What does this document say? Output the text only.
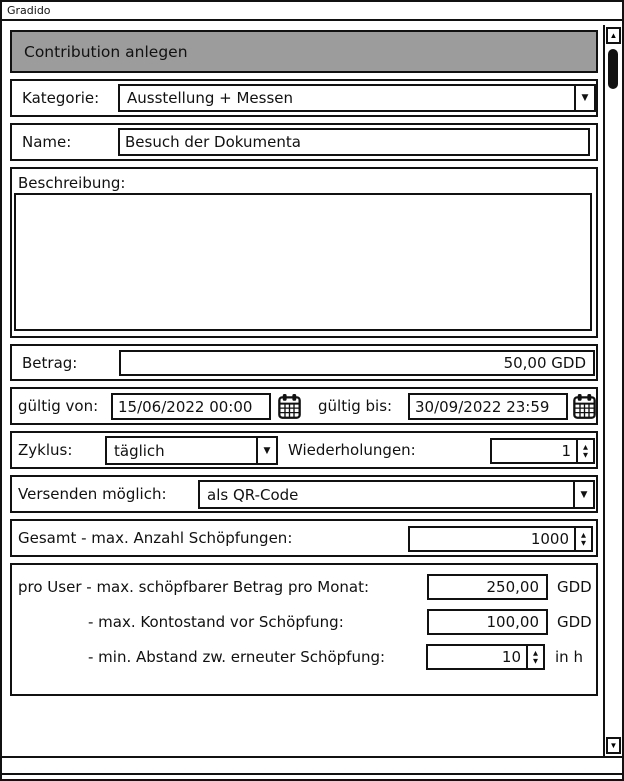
Gradido
Contribution anlegen
Kategorie:	Ausstellung + Messen	▼
Name:
Besuch der Dokumenta
Beschreibung:
Betrag:
50,00 GDD
gültig von:
15/06/2022 00:00	gültig bis:
30/09/2022 23:59
Zyklus:	täglich	▼	Wiederholungen:
1	▲
▼
Versenden möglich:	als QR-Code	▼
Gesamt - max. Anzahl Schöpfungen:
1000	▲
▼
pro User - max. schöpfbarer Betrag pro Monat:
250,00	GDD
- max. Kontostand vor Schöpfung:
100,00	GDD
- min. Abstand zw. erneuter Schöpfung:
10	▲
▼ in h
▲
▼
